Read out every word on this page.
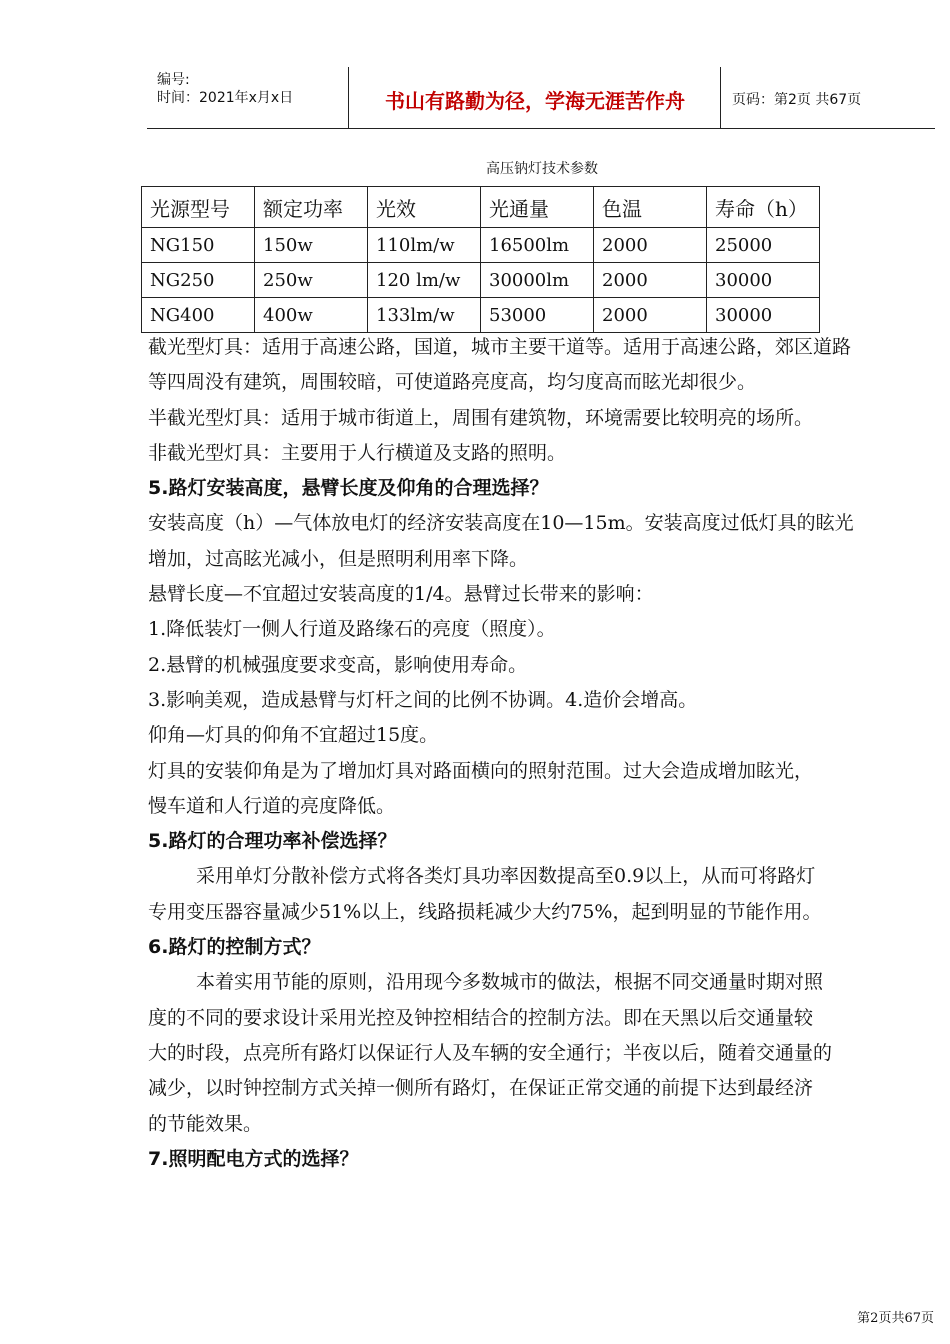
编号:
时间：2021年x月x日	书山有路勤为径，学海无涯苦作舟	页码：第2页 共67页
高压钠灯技术参数
光源型号	额定功率	光效	光通量	色温	寿命（h）
NG150	150w	110lm/w	16500lm	2000	25000
NG250	250w	120 lm/w	30000lm	2000	30000
NG400	400w	133lm/w	53000	2000	30000

截光型灯具：适用于高速公路，国道，城市主要干道等。适用于高速公路，郊区道路

等四周没有建筑，周围较暗，可使道路亮度高，均匀度高而眩光却很少。

半截光型灯具：适用于城市街道上，周围有建筑物，环境需要比较明亮的场所。

非截光型灯具：主要用于人行横道及支路的照明。

5.路灯安装高度，悬臂长度及仰角的合理选择？

安装高度（h）—气体放电灯的经济安装高度在10—15m。安装高度过低灯具的眩光

增加，过高眩光减小，但是照明利用率下降。

悬臂长度—不宜超过安装高度的1/4。悬臂过长带来的影响：

1.降低装灯一侧人行道及路缘石的亮度（照度）。

2.悬臂的机械强度要求变高，影响使用寿命。

3.影响美观，造成悬臂与灯杆之间的比例不协调。4.造价会增高。

仰角—灯具的仰角不宜超过15度。

灯具的安装仰角是为了增加灯具对路面横向的照射范围。过大会造成增加眩光，

慢车道和人行道的亮度降低。

5.路灯的合理功率补偿选择？

采用单灯分散补偿方式将各类灯具功率因数提高至0.9以上，从而可将路灯

专用变压器容量减少51%以上，线路损耗减少大约75%，起到明显的节能作用。

6.路灯的控制方式？

本着实用节能的原则，沿用现今多数城市的做法，根据不同交通量时期对照

度的不同的要求设计采用光控及钟控相结合的控制方法。即在天黑以后交通量较

大的时段，点亮所有路灯以保证行人及车辆的安全通行；半夜以后，随着交通量的

减少，以时钟控制方式关掉一侧所有路灯，在保证正常交通的前提下达到最经济

的节能效果。

7.照明配电方式的选择？

第2页共67页
